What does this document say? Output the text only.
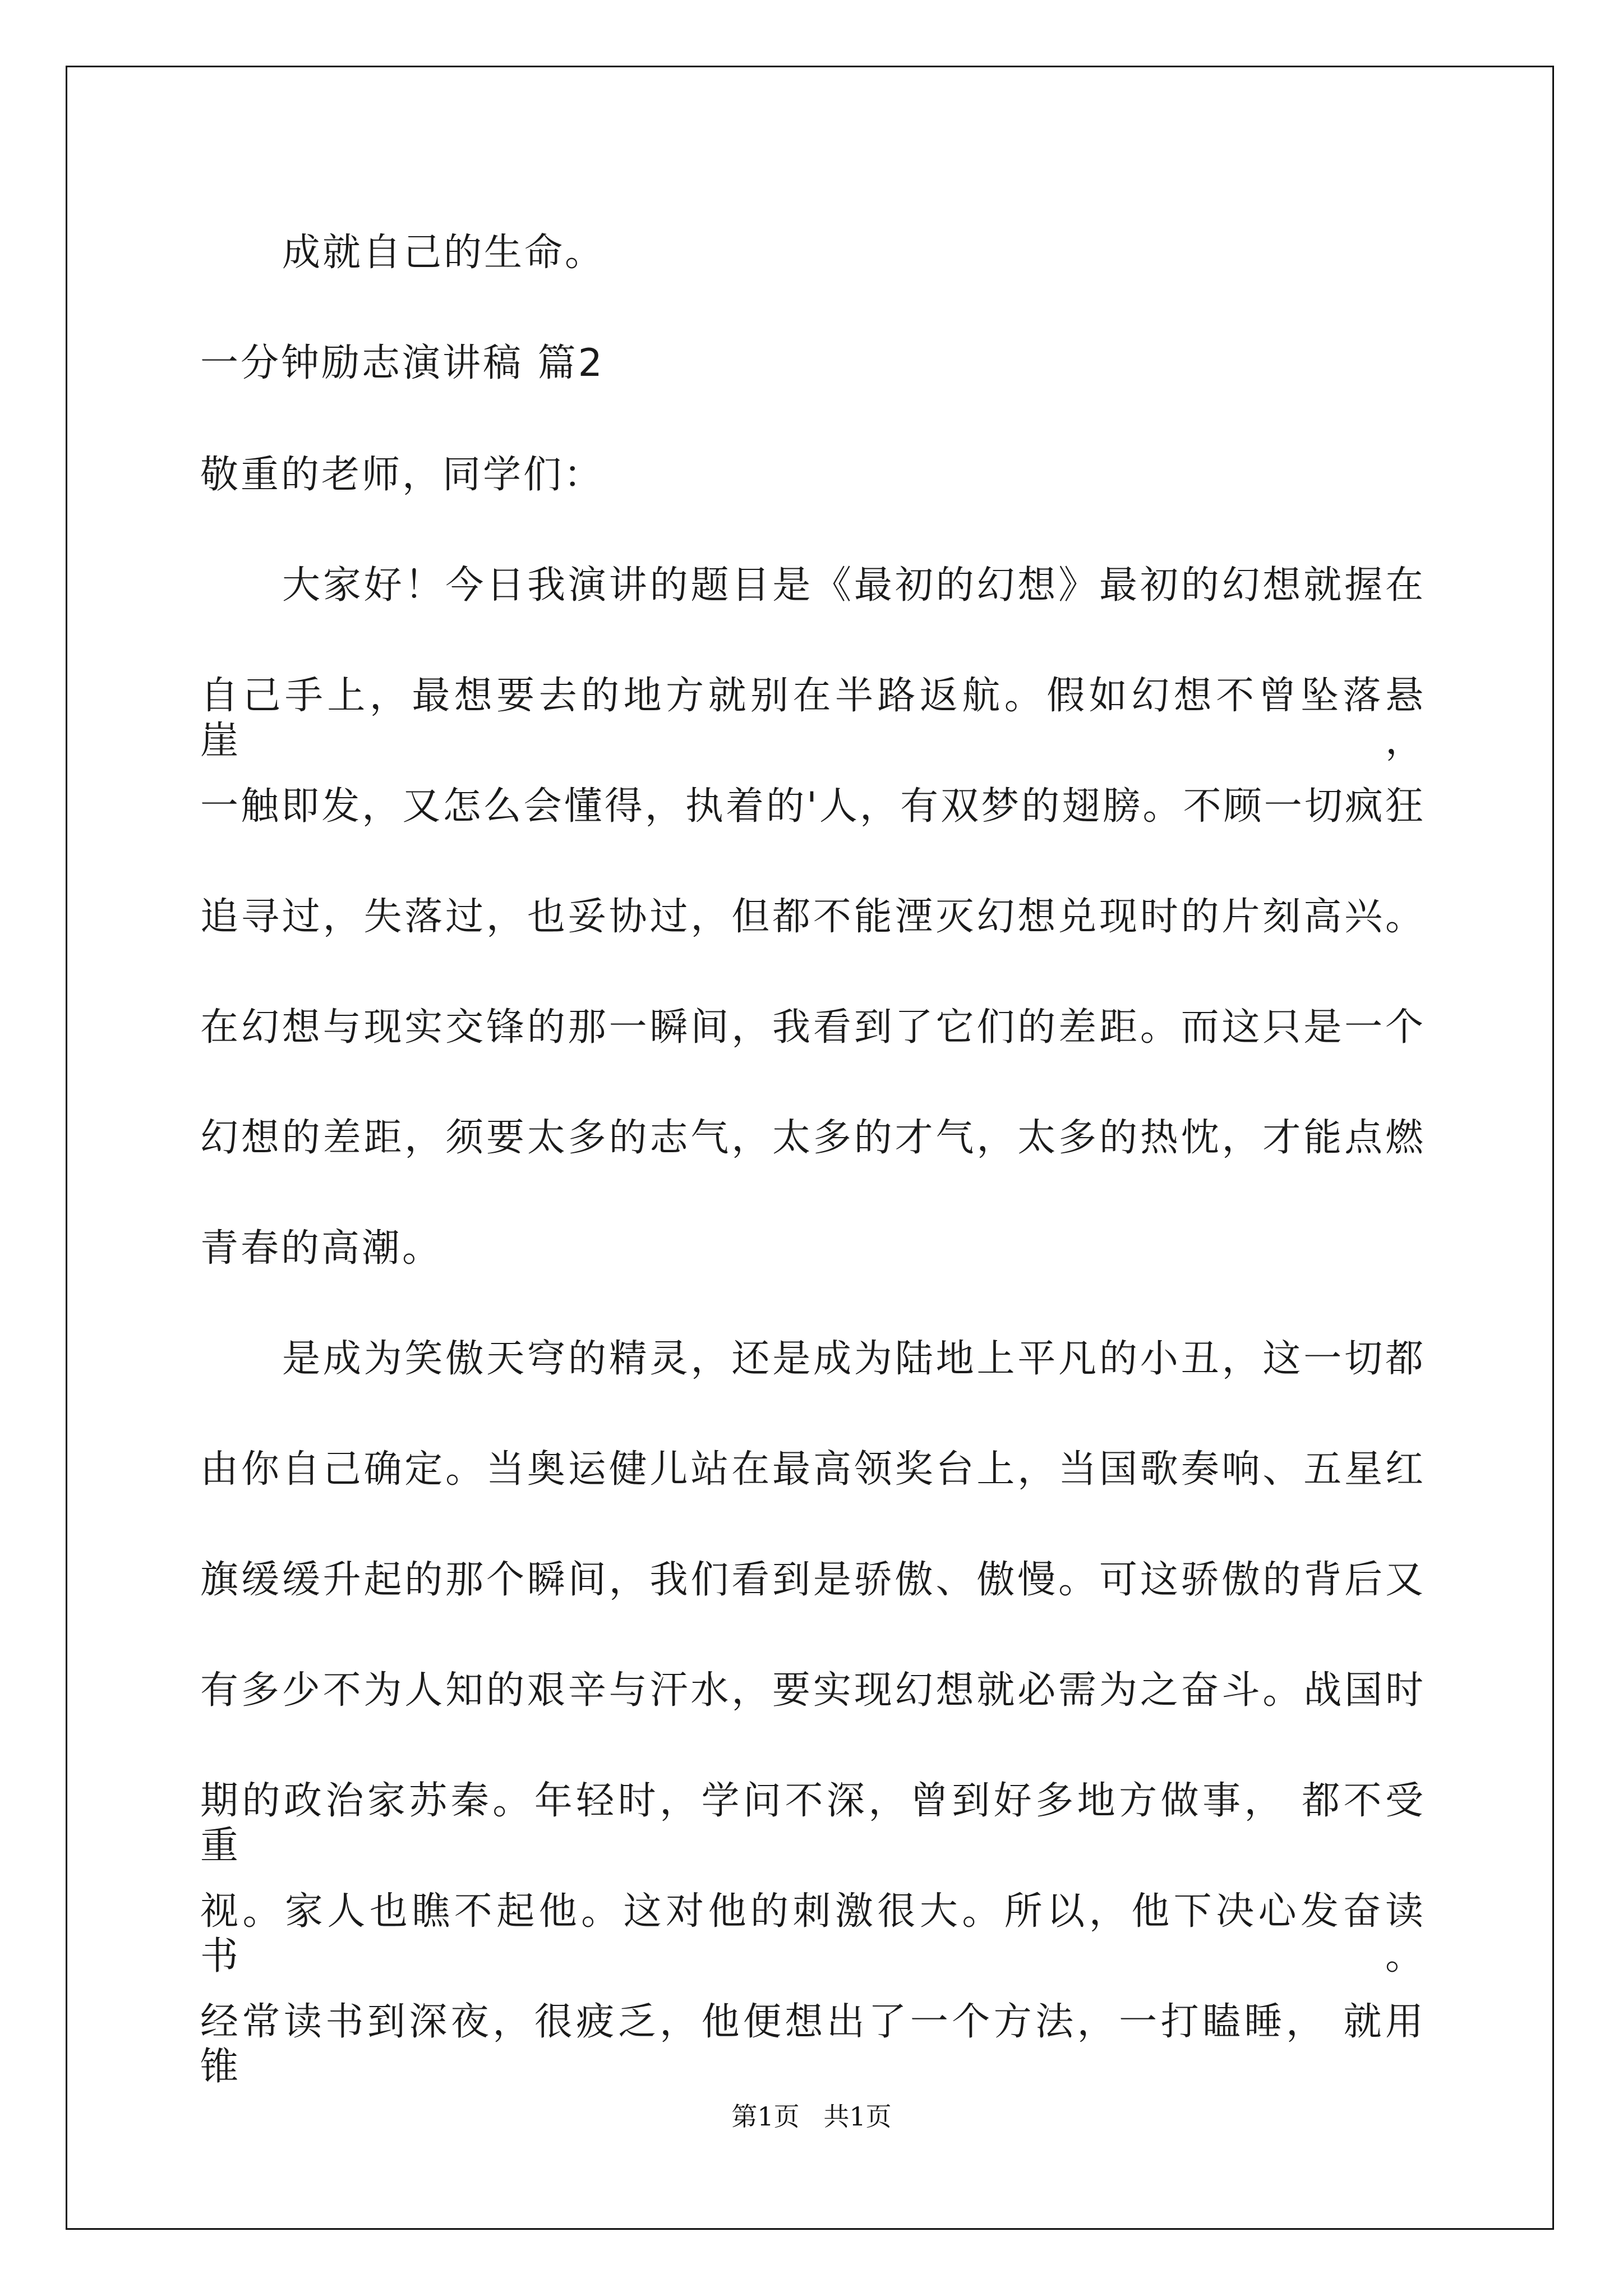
成就自己的生命。
一分钟励志演讲稿 篇2
敬重的老师，同学们：
大家好！今日我演讲的题目是《最初的幻想》最初的幻想就握在
自己手上，最想要去的地方就别在半路返航。假如幻想不曾坠落悬崖，
一触即发，又怎么会懂得，执着的'人，有双梦的翅膀。不顾一切疯狂
追寻过，失落过，也妥协过，但都不能湮灭幻想兑现时的片刻高兴。
在幻想与现实交锋的那一瞬间，我看到了它们的差距。而这只是一个
幻想的差距，须要太多的志气，太多的才气，太多的热忱，才能点燃
青春的高潮。
是成为笑傲天穹的精灵，还是成为陆地上平凡的小丑，这一切都
由你自己确定。当奥运健儿站在最高领奖台上，当国歌奏响、五星红
旗缓缓升起的那个瞬间，我们看到是骄傲、傲慢。可这骄傲的背后又
有多少不为人知的艰辛与汗水，要实现幻想就必需为之奋斗。战国时
期的政治家苏秦。年轻时，学问不深，曾到好多地方做事， 都不受重
视。家人也瞧不起他。这对他的刺激很大。所以，他下决心发奋读书。
经常读书到深夜，很疲乏，他便想出了一个方法，一打瞌睡， 就用锥
第1页 共1页
